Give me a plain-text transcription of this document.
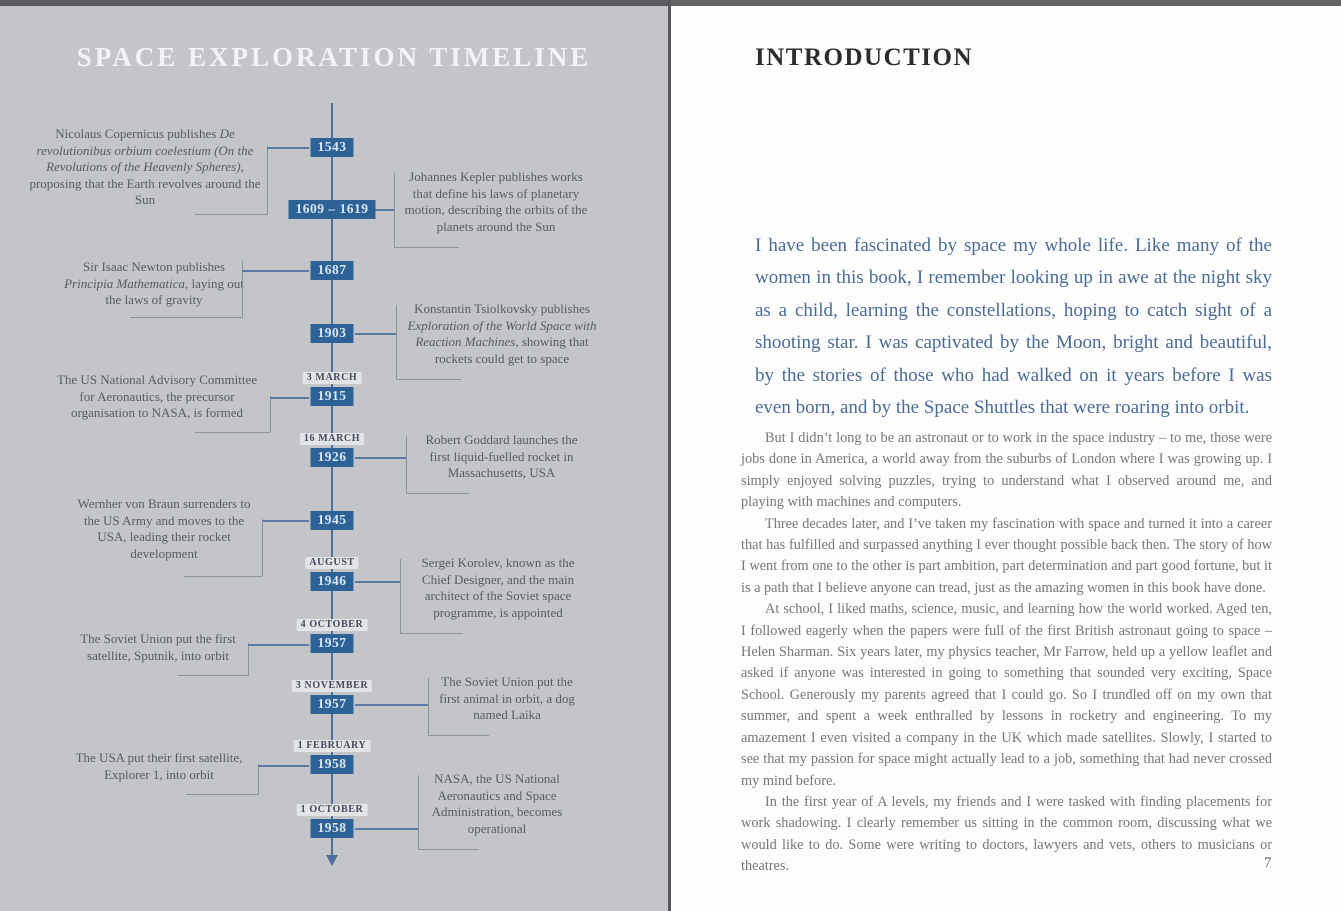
SPACE EXPLORATION TIMELINE
Nicolaus Copernicus publishes De revolutionibus orbium coelestium (On the Revolutions of the Heavenly Spheres), proposing that the Earth revolves around the Sun
1543
Johannes Kepler publishes works that define his laws of planetary motion, describing the orbits of the planets around the Sun
1609 – 1619
Sir Isaac Newton publishes Principia Mathematica, laying out the laws of gravity
1687
Konstantin Tsiolkovsky publishes Exploration of the World Space with Reaction Machines, showing that rockets could get to space
1903
The US National Advisory Committee for Aeronautics, the precursor organisation to NASA, is formed
3 MARCH
1915
Robert Goddard launches the first liquid-fuelled rocket in Massachusetts, USA
16 MARCH
1926
Wernher von Braun surrenders to the US Army and moves to the USA, leading their rocket development
1945
Sergei Korolev, known as the Chief Designer, and the main architect of the Soviet space programme, is appointed
AUGUST
1946
The Soviet Union put the first satellite, Sputnik, into orbit
4 OCTOBER
1957
The Soviet Union put the first animal in orbit, a dog named Laika
3 NOVEMBER
1957
The USA put their first satellite, Explorer 1, into orbit
1 FEBRUARY
1958
NASA, the US National Aeronautics and Space Administration, becomes operational
1 OCTOBER
1958
INTRODUCTION
I have been fascinated by space my whole life. Like many of the women in this book, I remember looking up in awe at the night sky as a child, learning the constellations, hoping to catch sight of a shooting star. I was captivated by the Moon, bright and beautiful, by the stories of those who had walked on it years before I was even born, and by the Space Shuttles that were roaring into orbit.

But I didn’t long to be an astronaut or to work in the space industry – to me, those were jobs done in America, a world away from the suburbs of London where I was growing up. I simply enjoyed solving puzzles, trying to understand what I observed around me, and playing with machines and computers.

Three decades later, and I’ve taken my fascination with space and turned it into a career that has fulfilled and surpassed anything I ever thought possible back then. The story of how I went from one to the other is part ambition, part determination and part good fortune, but it is a path that I believe anyone can tread, just as the amazing women in this book have done.

At school, I liked maths, science, music, and learning how the world worked. Aged ten, I followed eagerly when the papers were full of the first British astronaut going to space – Helen Sharman. Six years later, my physics teacher, Mr Farrow, held up a yellow leaflet and asked if anyone was interested in going to something that sounded very exciting, Space School. Generously my parents agreed that I could go. So I trundled off on my own that summer, and spent a week enthralled by lessons in rocketry and engineering. To my amazement I even visited a company in the UK which made satellites. Slowly, I started to see that my passion for space might actually lead to a job, something that had never crossed my mind before.

In the first year of A levels, my friends and I were tasked with finding placements for work shadowing. I clearly remember us sitting in the common room, discussing what we would like to do. Some were writing to doctors, lawyers and vets, others to musicians or theatres.	7
